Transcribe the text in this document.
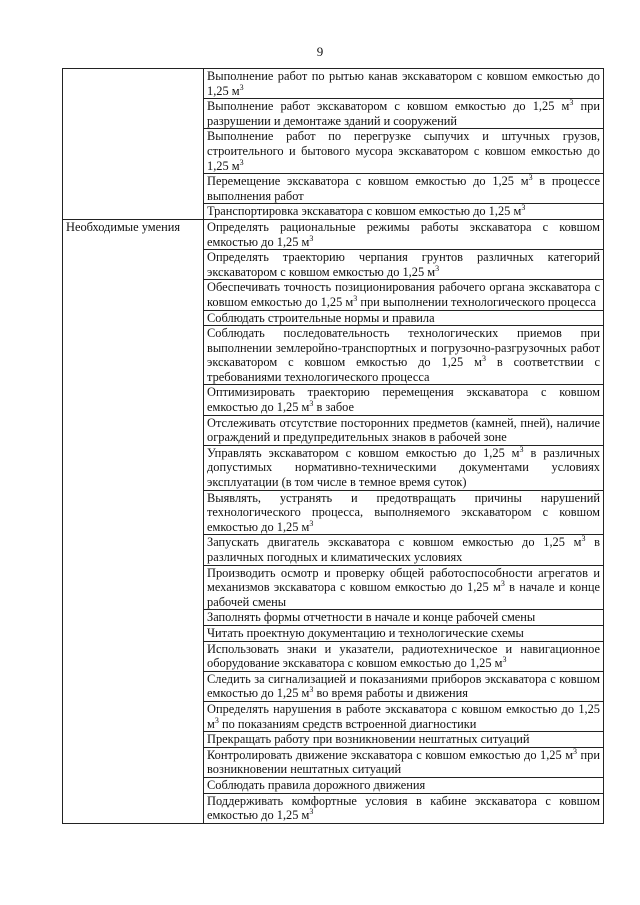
9
	Выполнение работ по рытью канав экскаватором с ковшом емкостью до 1,25 $м^3$
	Выполнение работ экскаватором с ковшом емкостью до 1,25 $м^3$ при разрушении и демонтаже зданий и сооружений
	Выполнение работ по перегрузке сыпучих и штучных грузов, строительного и бытового мусора экскаватором с ковшом емкостью до 1,25 $м^3$
	Перемещение экскаватора с ковшом емкостью до 1,25 $м^3$ в процессе выполнения работ
	Транспортировка экскаватора с ковшом емкостью до 1,25 $м^3$
Необходимые умения	Определять рациональные режимы работы экскаватора с ковшом емкостью до 1,25 $м^3$
	Определять траекторию черпания грунтов различных категорий экскаватором с ковшом емкостью до 1,25 $м^3$
	Обеспечивать точность позиционирования рабочего органа экскаватора с ковшом емкостью до 1,25 $м^3$ при выполнении технологического процесса
	Соблюдать строительные нормы и правила
	Соблюдать последовательность технологических приемов при выполнении землеройно-транспортных и погрузочно-разгрузочных работ экскаватором с ковшом емкостью до 1,25 $м^3$ в соответствии с требованиями технологического процесса
	Оптимизировать траекторию перемещения экскаватора с ковшом емкостью до 1,25 $м^3$ в забое
	Отслеживать отсутствие посторонних предметов (камней, пней), наличие ограждений и предупредительных знаков в рабочей зоне
	Управлять экскаватором с ковшом емкостью до 1,25 $м^3$ в различных допустимых нормативно-техническими документами условиях эксплуатации (в том числе в темное время суток)
	Выявлять, устранять и предотвращать причины нарушений технологического процесса, выполняемого экскаватором с ковшом емкостью до 1,25 $м^3$
	Запускать двигатель экскаватора с ковшом емкостью до 1,25 $м^3$ в различных погодных и климатических условиях
	Производить осмотр и проверку общей работоспособности агрегатов и механизмов экскаватора с ковшом емкостью до 1,25 $м^3$ в начале и конце рабочей смены
	Заполнять формы отчетности в начале и конце рабочей смены
	Читать проектную документацию и технологические схемы
	Использовать знаки и указатели, радиотехническое и навигационное оборудование экскаватора с ковшом емкостью до 1,25 $м^3$
	Следить за сигнализацией и показаниями приборов экскаватора с ковшом емкостью до 1,25 $м^3$ во время работы и движения
	Определять нарушения в работе экскаватора с ковшом емкостью до 1,25 $м^3$ по показаниям средств встроенной диагностики
	Прекращать работу при возникновении нештатных ситуаций
	Контролировать движение экскаватора с ковшом емкостью до 1,25 $м^3$ при возникновении нештатных ситуаций
	Соблюдать правила дорожного движения
	Поддерживать комфортные условия в кабине экскаватора с ковшом емкостью до 1,25 $м^3$
